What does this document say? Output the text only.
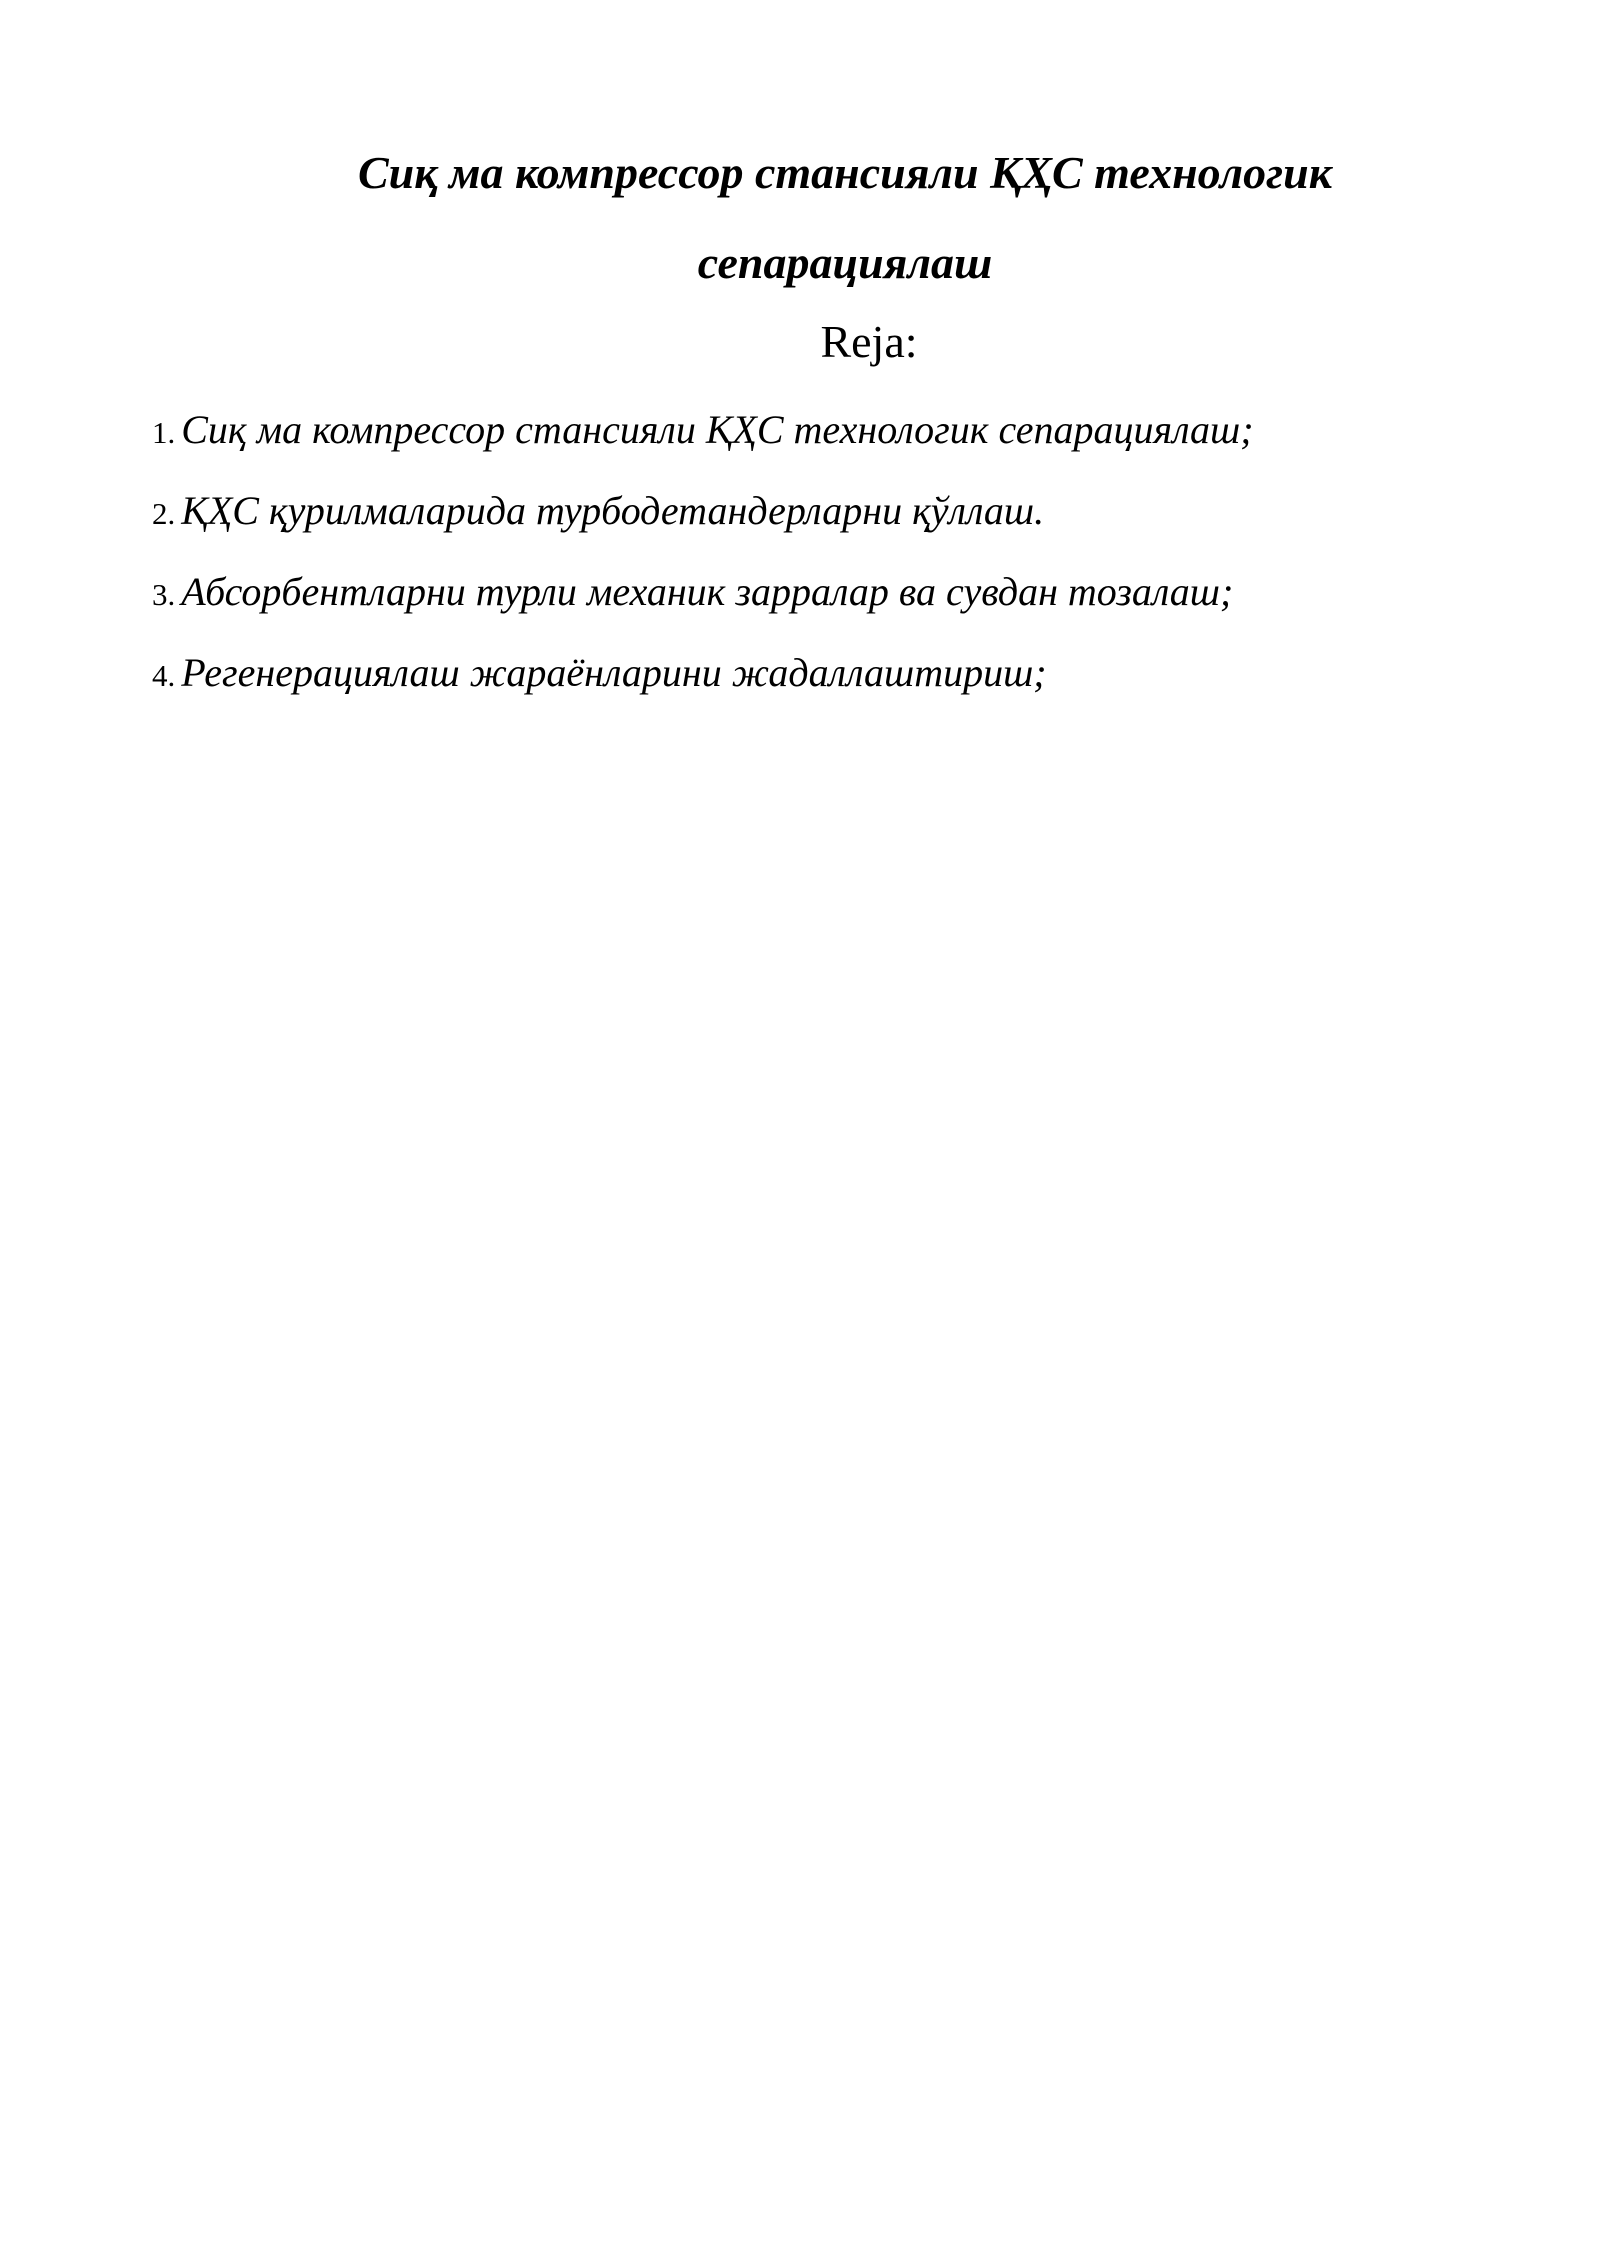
Сиқ ма компрессор стансияли ҚҲС технологик
сепарациялаш
Reja:
1. Сиқ ма компрессор стансияли ҚҲС технологик сепарациялаш;
2. ҚҲС қурилмаларида турбодетандерларни қўллаш.
3. Абсорбентларни турли механик зарралар ва сувдан тозалаш;
4. Регенерациялаш жараёнларини жадаллаштириш;
